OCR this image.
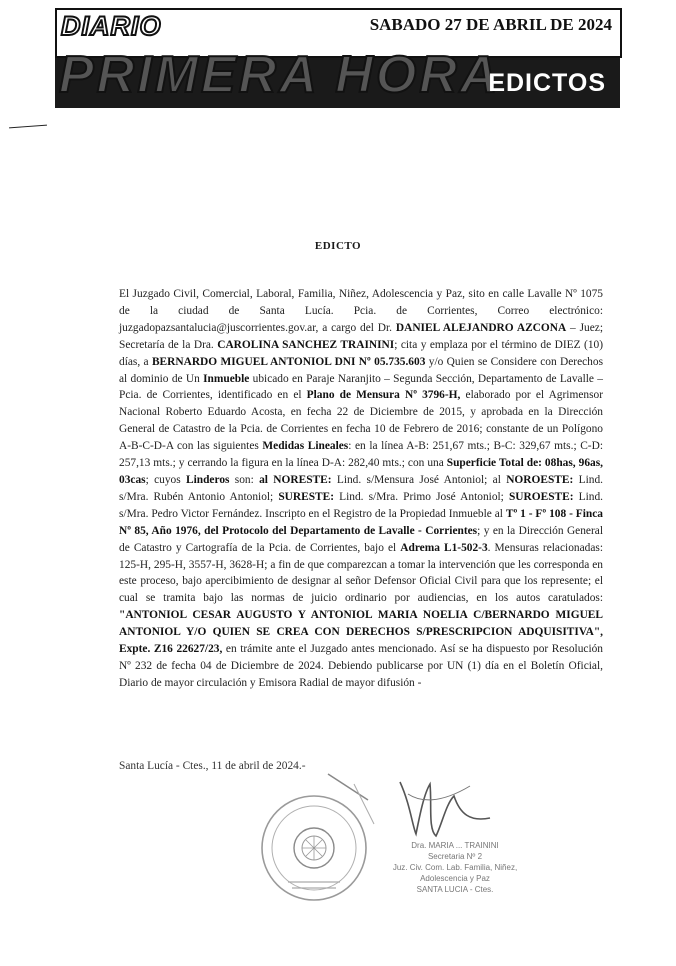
DIARIO	SABADO 27 DE ABRIL DE 2024
PRIMERA HORA
EDICTOS
EDICTO
El Juzgado Civil, Comercial, Laboral, Familia, Niñez, Adolescencia y Paz, sito en calle Lavalle Nº 1075 de la ciudad de Santa Lucía. Pcia. de Corrientes, Correo electrónico: juzgadopazsantalucia@juscorrientes.gov.ar, a cargo del Dr. DANIEL ALEJANDRO AZCONA – Juez; Secretaría de la Dra. CAROLINA SANCHEZ TRAININI; cita y emplaza por el término de DIEZ (10) días, a BERNARDO MIGUEL ANTONIOL DNI Nº 05.735.603 y/o Quien se Considere con Derechos al dominio de Un Inmueble ubicado en Paraje Naranjito – Segunda Sección, Departamento de Lavalle – Pcia. de Corrientes, identificado en el Plano de Mensura Nº 3796-H, elaborado por el Agrimensor Nacional Roberto Eduardo Acosta, en fecha 22 de Diciembre de 2015, y aprobada en la Dirección General de Catastro de la Pcia. de Corrientes en fecha 10 de Febrero de 2016; constante de un Polígono A-B-C-D-A con las siguientes Medidas Lineales: en la línea A-B: 251,67 mts.; B-C: 329,67 mts.; C-D: 257,13 mts.; y cerrando la figura en la línea D-A: 282,40 mts.; con una Superficie Total de: 08has, 96as, 03cas; cuyos Linderos son: al NORESTE: Lind. s/Mensura José Antoniol; al NOROESTE: Lind. s/Mra. Rubén Antonio Antoniol; SURESTE: Lind. s/Mra. Primo José Antoniol; SUROESTE: Lind. s/Mra. Pedro Victor Fernández. Inscripto en el Registro de la Propiedad Inmueble al Tº 1 - Fº 108 - Finca Nº 85, Año 1976, del Protocolo del Departamento de Lavalle - Corrientes; y en la Dirección General de Catastro y Cartografía de la Pcia. de Corrientes, bajo el Adrema L1-502-3. Mensuras relacionadas: 125-H, 295-H, 3557-H, 3628-H; a fin de que comparezcan a tomar la intervención que les corresponda en este proceso, bajo apercibimiento de designar al señor Defensor Oficial Civil para que los represente; el cual se tramita bajo las normas de juicio ordinario por audiencias, en los autos caratulados: "ANTONIOL CESAR AUGUSTO Y ANTONIOL MARIA NOELIA C/BERNARDO MIGUEL ANTONIOL Y/O QUIEN SE CREA CON DERECHOS S/PRESCRIPCION ADQUISITIVA", Expte. Z16 22627/23, en trámite ante el Juzgado antes mencionado. Así se ha dispuesto por Resolución Nº 232 de fecha 04 de Diciembre de 2024. Debiendo publicarse por UN (1) día en el Boletín Oficial, Diario de mayor circulación y Emisora Radial de mayor difusión -
Santa Lucía - Ctes., 11 de abril de 2024.-
Dra. MARIA ... TRAININI
Secretaria Nº 2
Juz. Civ. Com. Lab. Familia, Niñez,
Adolescencia y Paz
SANTA LUCIA - Ctes.
